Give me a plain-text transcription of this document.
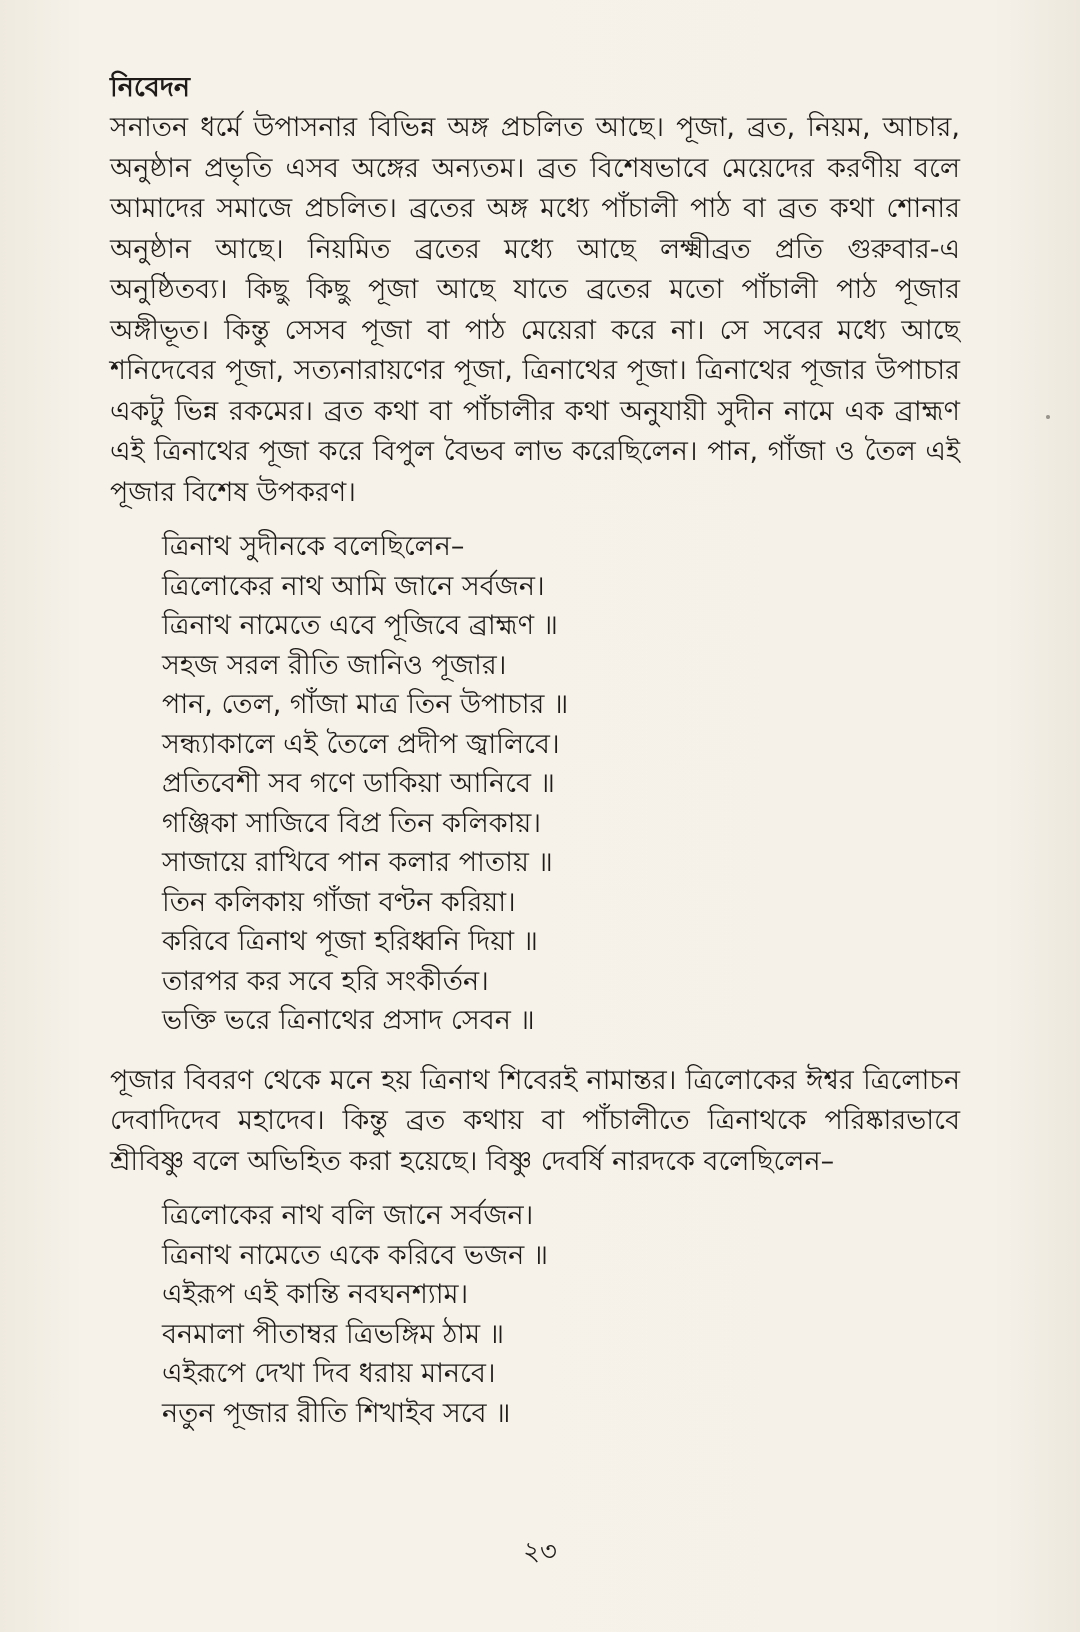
নিবেদন

সনাতন ধর্মে উপাসনার বিভিন্ন অঙ্গ প্রচলিত আছে। পূজা, ব্রত, নিয়ম, আচার, অনুষ্ঠান প্রভৃতি এসব অঙ্গের অন্যতম। ব্রত বিশেষভাবে মেয়েদের করণীয় বলে আমাদের সমাজে প্রচলিত। ব্রতের অঙ্গ মধ্যে পাঁচালী পাঠ বা ব্রত কথা শোনার অনুষ্ঠান আছে। নিয়মিত ব্রতের মধ্যে আছে লক্ষ্মীব্রত প্রতি গুরুবার-এ অনুষ্ঠিতব্য। কিছু কিছু পূজা আছে যাতে ব্রতের মতো পাঁচালী পাঠ পূজার অঙ্গীভূত। কিন্তু সেসব পূজা বা পাঠ মেয়েরা করে না। সে সবের মধ্যে আছে শনিদেবের পূজা, সত্যনারায়ণের পূজা, ত্রিনাথের পূজা। ত্রিনাথের পূজার উপাচার একটু ভিন্ন রকমের। ব্রত কথা বা পাঁচালীর কথা অনুযায়ী সুদীন নামে এক ব্রাহ্মণ এই ত্রিনাথের পূজা করে বিপুল বৈভব লাভ করেছিলেন। পান, গাঁজা ও তৈল এই পূজার বিশেষ উপকরণ।

ত্রিনাথ সুদীনকে বলেছিলেন–
ত্রিলোকের নাথ আমি জানে সর্বজন।
ত্রিনাথ নামেতে এবে পূজিবে ব্রাহ্মণ ॥
সহজ সরল রীতি জানিও পূজার।
পান, তেল, গাঁজা মাত্র তিন উপাচার ॥
সন্ধ্যাকালে এই তৈলে প্রদীপ জ্বালিবে।
প্রতিবেশী সব গণে ডাকিয়া আনিবে ॥
গঞ্জিকা সাজিবে বিপ্র তিন কলিকায়।
সাজায়ে রাখিবে পান কলার পাতায় ॥
তিন কলিকায় গাঁজা বণ্টন করিয়া।
করিবে ত্রিনাথ পূজা হরিধ্বনি দিয়া ॥
তারপর কর সবে হরি সংকীর্তন।
ভক্তি ভরে ত্রিনাথের প্রসাদ সেবন ॥

পূজার বিবরণ থেকে মনে হয় ত্রিনাথ শিবেরই নামান্তর। ত্রিলোকের ঈশ্বর ত্রিলোচন দেবাদিদেব মহাদেব। কিন্তু ব্রত কথায় বা পাঁচালীতে ত্রিনাথকে পরিষ্কারভাবে শ্রীবিষ্ণু বলে অভিহিত করা হয়েছে। বিষ্ণু দেবর্ষি নারদকে বলেছিলেন–

ত্রিলোকের নাথ বলি জানে সর্বজন।
ত্রিনাথ নামেতে একে করিবে ভজন ॥
এইরূপ এই কান্তি নবঘনশ্যাম।
বনমালা পীতাম্বর ত্রিভঙ্গিম ঠাম ॥
এইরূপে দেখা দিব ধরায় মানবে।
নতুন পূজার রীতি শিখাইব সবে ॥
২৩
